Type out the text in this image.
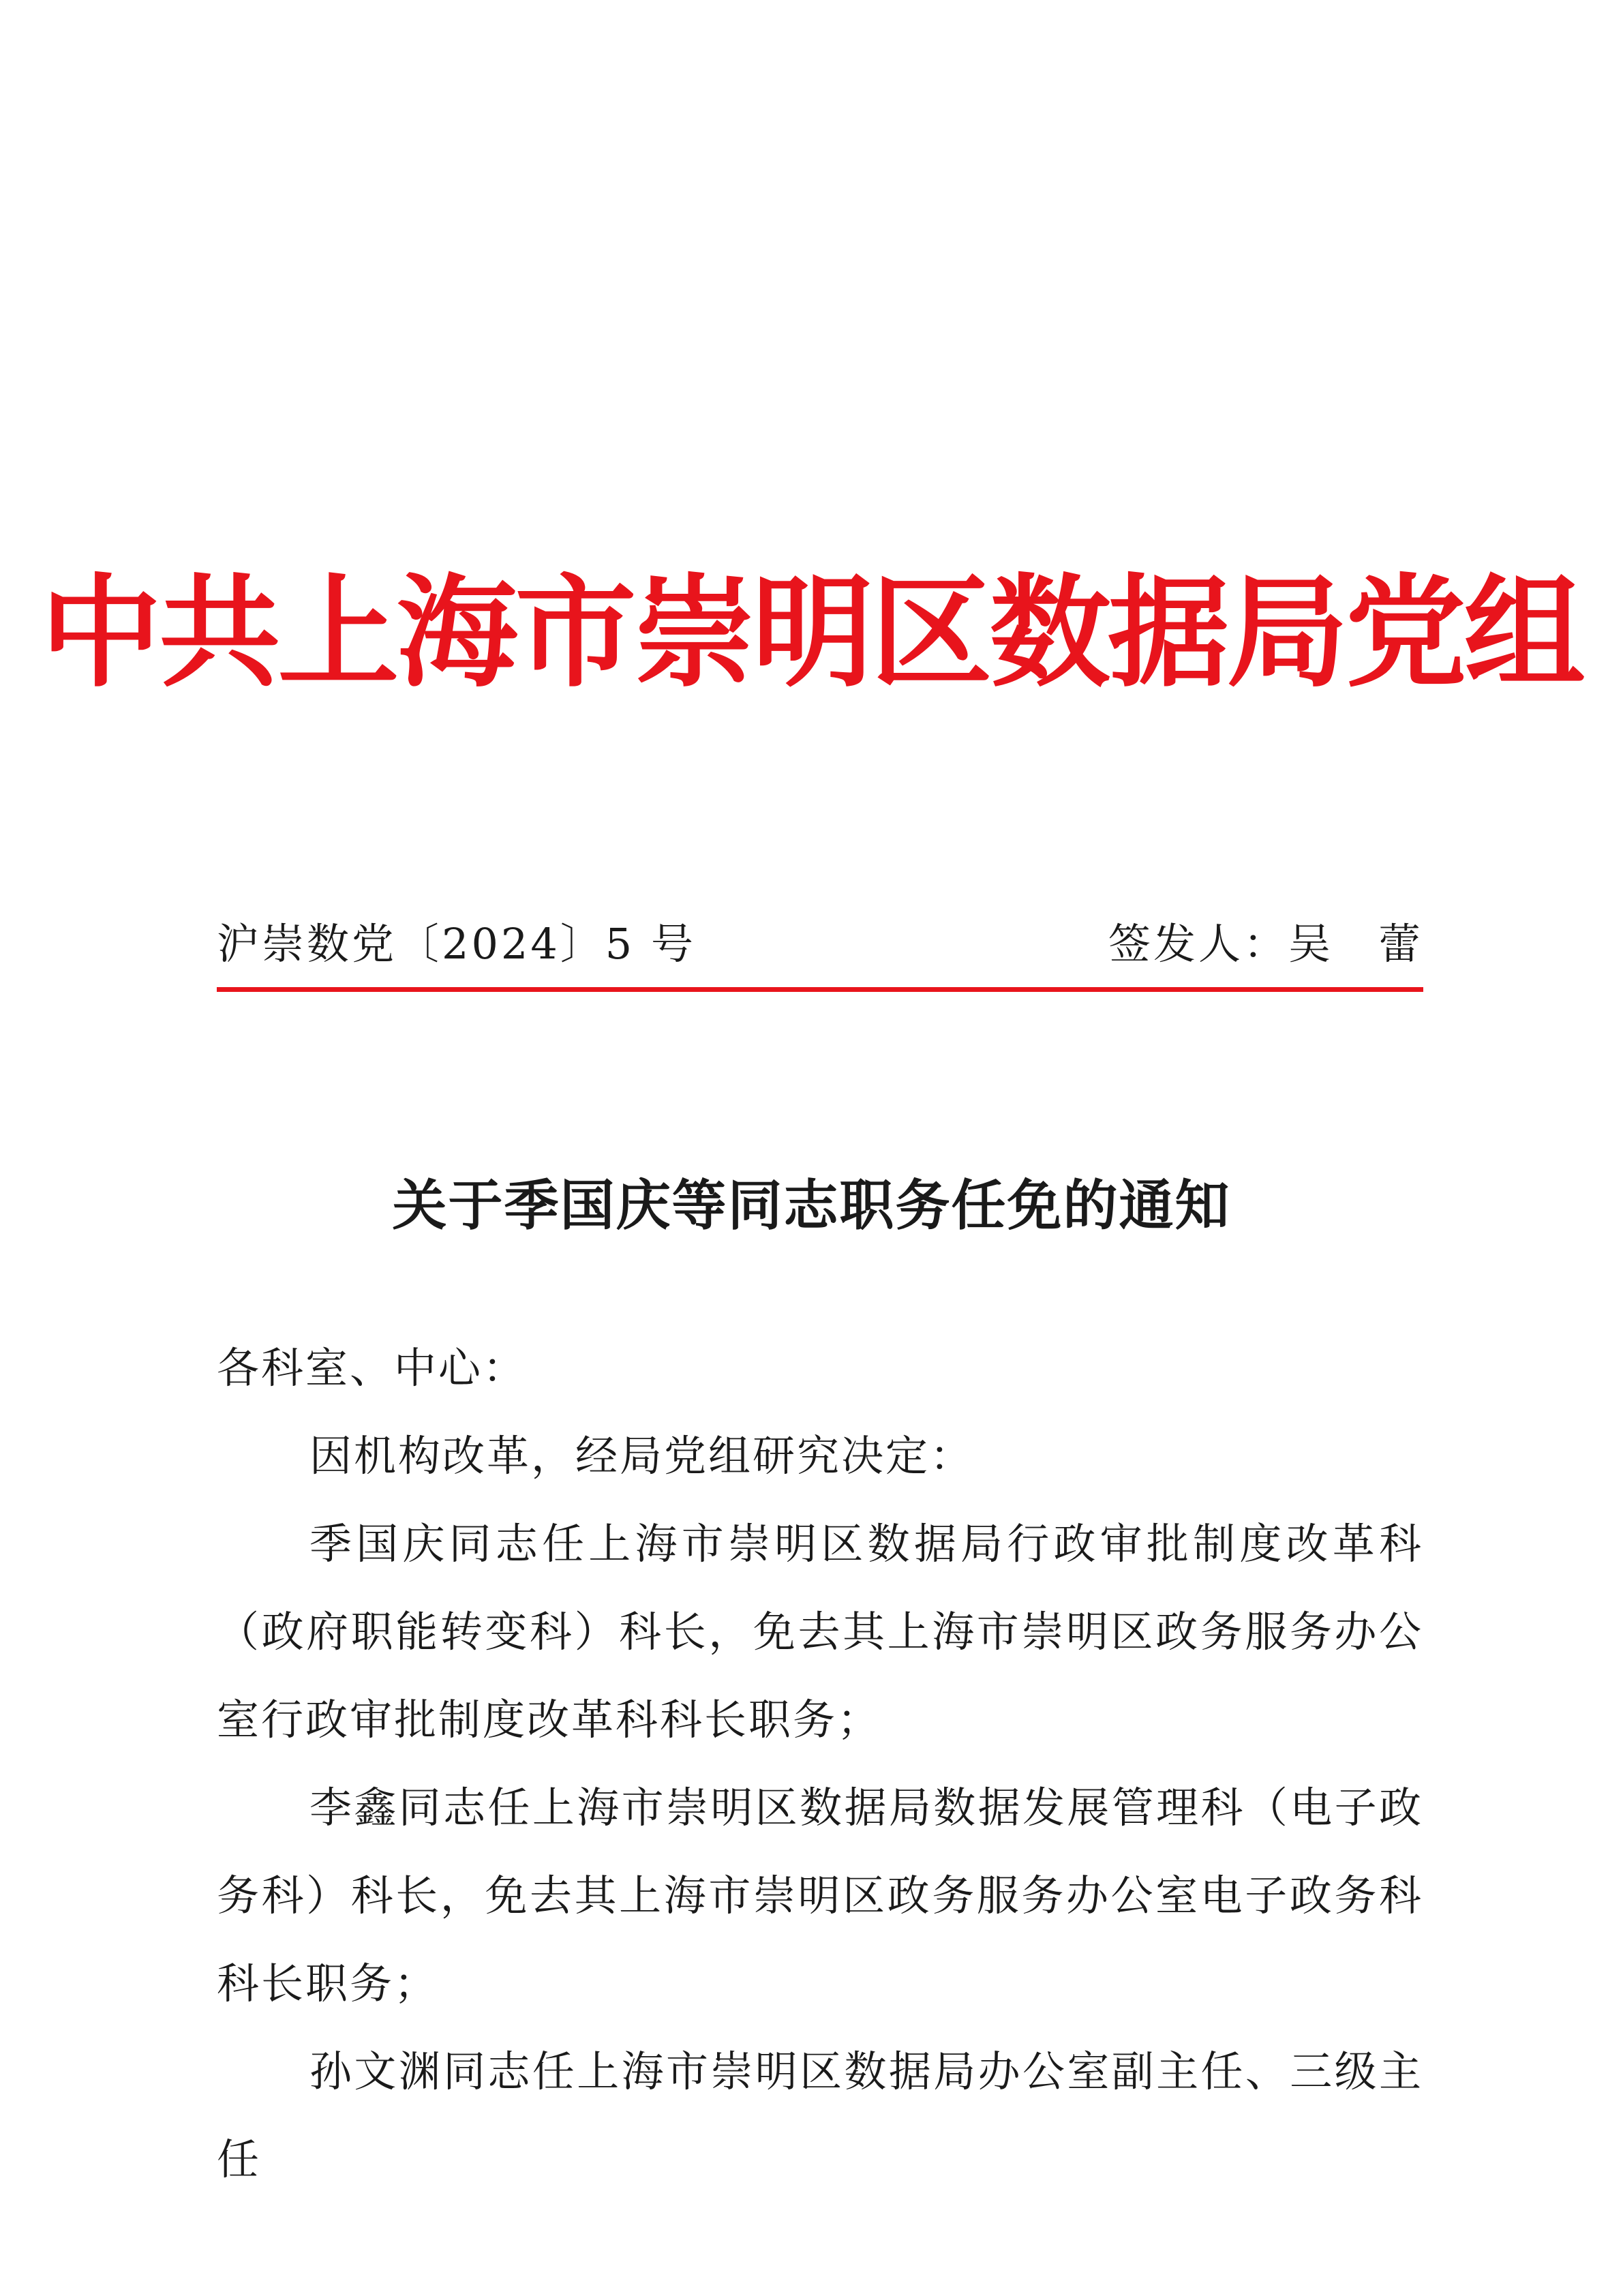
中共上海市崇明区数据局党组
沪崇数党〔2024〕5 号	签发人：吴　蕾
关于季国庆等同志职务任免的通知

各科室、中心：

因机构改革，经局党组研究决定：

季国庆同志任上海市崇明区数据局行政审批制度改革科（政府职能转变科）科长，免去其上海市崇明区政务服务办公室行政审批制度改革科科长职务；

李鑫同志任上海市崇明区数据局数据发展管理科（电子政务科）科长，免去其上海市崇明区政务服务办公室电子政务科科长职务；

孙文渊同志任上海市崇明区数据局办公室副主任、三级主任
